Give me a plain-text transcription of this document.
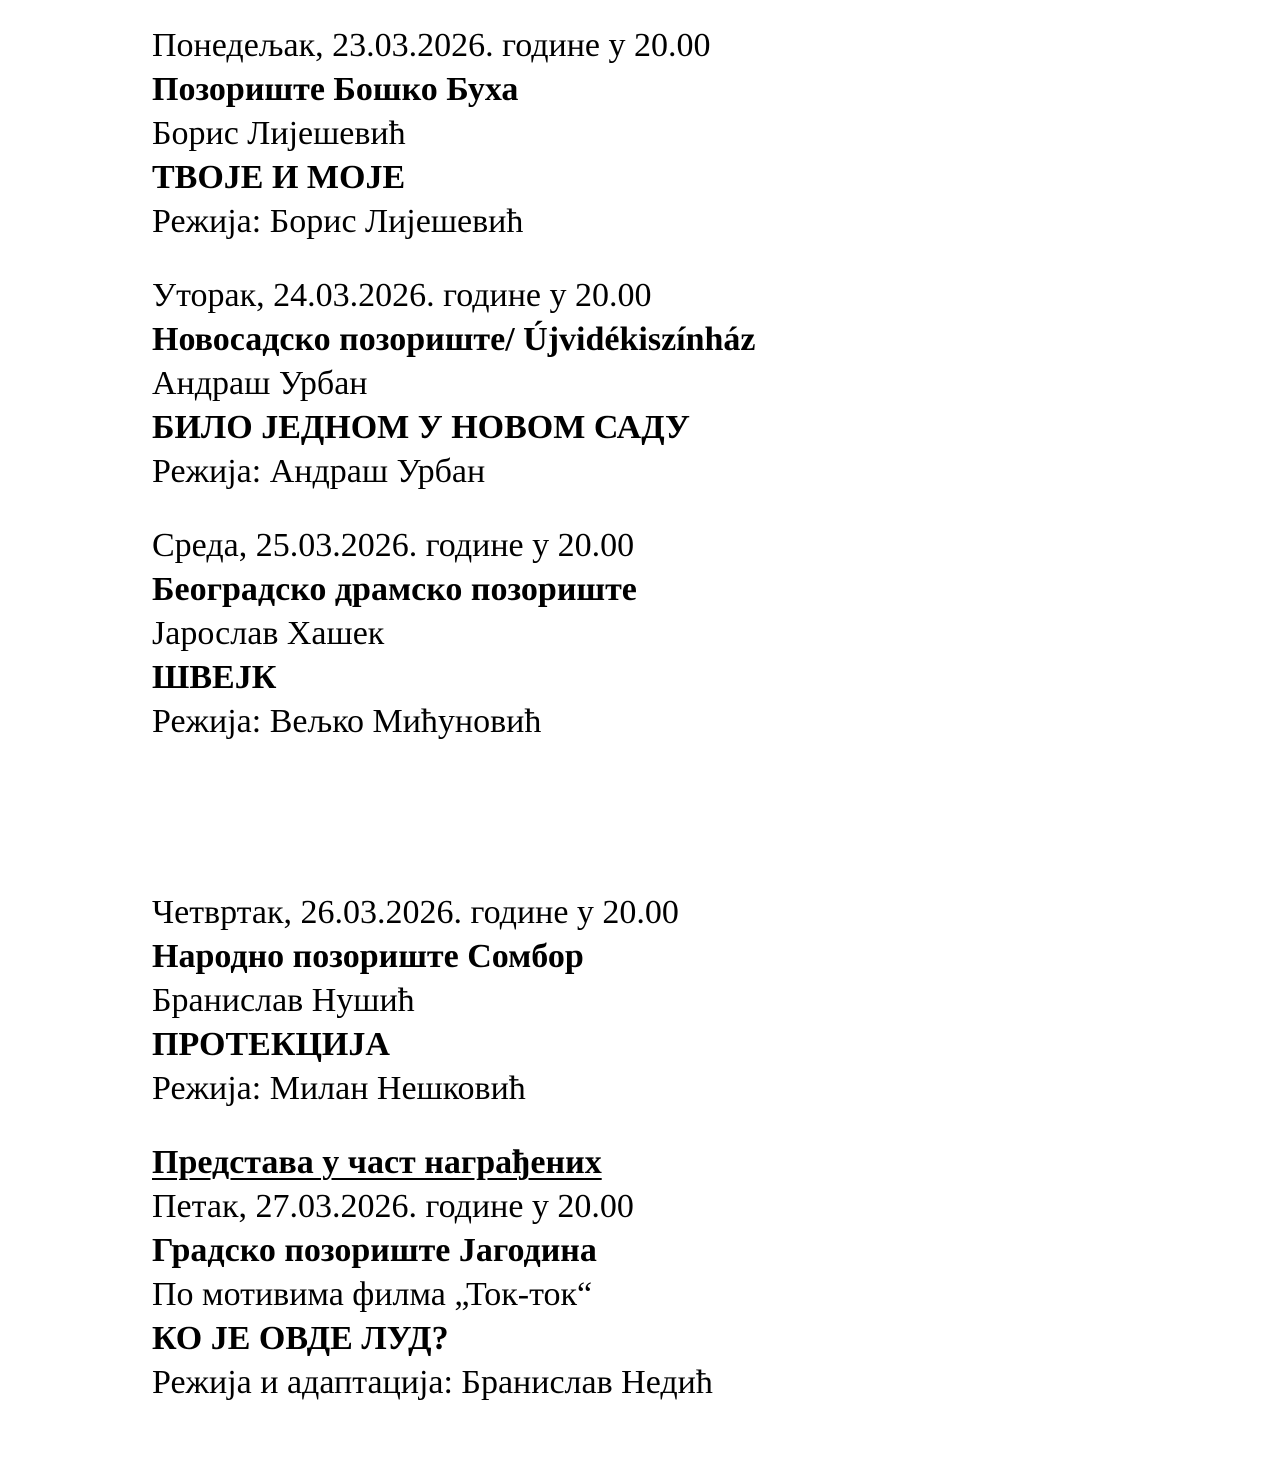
Понедељак, 23.03.2026. године у 20.00
Позориште Бошко Буха
Борис Лијешевић
ТВОЈЕ И МОЈЕ
Режија: Борис Лијешевић
Уторак, 24.03.2026. године у 20.00
Новосадско позориште/ Újvidékiszínház
Андраш Урбан
БИЛО ЈЕДНОМ У НОВОМ САДУ
Режија: Андраш Урбан
Среда, 25.03.2026. године у 20.00
Београдско драмско позориште
Јарослав Хашек
ШВЕЈК
Режија: Вељко Мићуновић
Четвртак, 26.03.2026. године у 20.00
Народно позориште Сомбор
Бранислав Нушић
ПРОТЕКЦИЈА
Режија: Милан Нешковић
Представа у част награђених
Петак, 27.03.2026. године у 20.00
Градско позориште Јагодина
По мотивима филма „Ток-ток“
КО ЈЕ ОВДЕ ЛУД?
Режија и адаптација: Бранислав Недић
